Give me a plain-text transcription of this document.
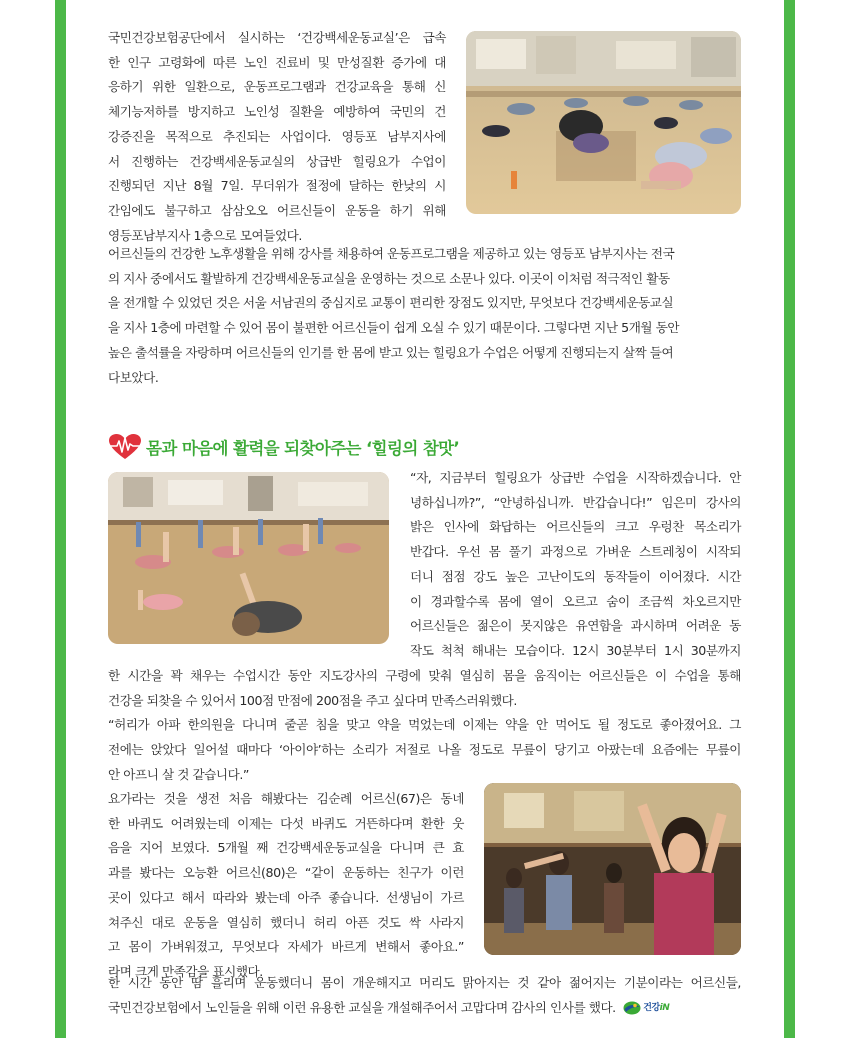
국민건강보험공단에서 실시하는 ‘건강백세운동교실’은 급속
한 인구 고령화에 따른 노인 진료비 및 만성질환 증가에 대
응하기 위한 일환으로, 운동프로그램과 건강교육을 통해 신
체기능저하를 방지하고 노인성 질환을 예방하여 국민의 건
강증진을 목적으로 추진되는 사업이다. 영등포 남부지사에
서 진행하는 건강백세운동교실의 상급반 힐링요가 수업이
진행되던 지난 8월 7일. 무더위가 절정에 달하는 한낮의 시
간임에도 불구하고 삼삼오오 어르신들이 운동을 하기 위해
영등포남부지사 1층으로 모여들었다.
어르신들의 건강한 노후생활을 위해 강사를 채용하여 운동프로그램을 제공하고 있는 영등포 남부지사는 전국
의 지사 중에서도 활발하게 건강백세운동교실을 운영하는 것으로 소문나 있다. 이곳이 이처럼 적극적인 활동
을 전개할 수 있었던 것은 서울 서남권의 중심지로 교통이 편리한 장점도 있지만, 무엇보다 건강백세운동교실
을 지사 1층에 마련할 수 있어 몸이 불편한 어르신들이 쉽게 오실 수 있기 때문이다. 그렇다면 지난 5개월 동안
높은 출석률을 자랑하며 어르신들의 인기를 한 몸에 받고 있는 힐링요가 수업은 어떻게 진행되는지 살짝 들여
다보았다.
몸과 마음에 활력을 되찾아주는 ‘힐링의 참맛’
“자, 지금부터 힐링요가 상급반 수업을 시작하겠습니다. 안
녕하십니까?”, “안녕하십니까. 반갑습니다!” 임은미 강사의
밝은 인사에 화답하는 어르신들의 크고 우렁찬 목소리가
반갑다. 우선 몸 풀기 과정으로 가벼운 스트레칭이 시작되
더니 점점 강도 높은 고난이도의 동작들이 이어졌다. 시간
이 경과할수록 몸에 열이 오르고 숨이 조금씩 차오르지만
어르신들은 젊은이 못지않은 유연함을 과시하며 어려운 동
작도 척척 해내는 모습이다. 12시 30분부터 1시 30분까지
한 시간을 꽉 채우는 수업시간 동안 지도강사의 구령에 맞춰 열심히 몸을 움직이는 어르신들은 이 수업을 통해
건강을 되찾을 수 있어서 100점 만점에 200점을 주고 싶다며 만족스러워했다.
“허리가 아파 한의원을 다니며 줄곧 침을 맞고 약을 먹었는데 이제는 약을 안 먹어도 될 정도로 좋아졌어요. 그
전에는 앉았다 일어설 때마다 ‘아이야’하는 소리가 저절로 나올 정도로 무릎이 당기고 아팠는데 요즘에는 무릎이
안 아프니 살 것 같습니다.”
요가라는 것을 생전 처음 해봤다는 김순례 어르신(67)은 동네
한 바퀴도 어려웠는데 이제는 다섯 바퀴도 거뜬하다며 환한 웃
음을 지어 보였다. 5개월 째 건강백세운동교실을 다니며 큰 효
과를 봤다는 오능환 어르신(80)은 “같이 운동하는 친구가 이런
곳이 있다고 해서 따라와 봤는데 아주 좋습니다. 선생님이 가르
쳐주신 대로 운동을 열심히 했더니 허리 아픈 것도 싹 사라지
고 몸이 가벼워졌고, 무엇보다 자세가 바르게 변해서 좋아요.”
라며 크게 만족감을 표시했다.
한 시간 동안 땀 흘리며 운동했더니 몸이 개운해지고 머리도 맑아지는 것 같아 젊어지는 기분이라는 어르신들,
국민건강보험에서 노인들을 위해 이런 유용한 교실을 개설해주어서 고맙다며 감사의 인사를 했다.	건강iN
